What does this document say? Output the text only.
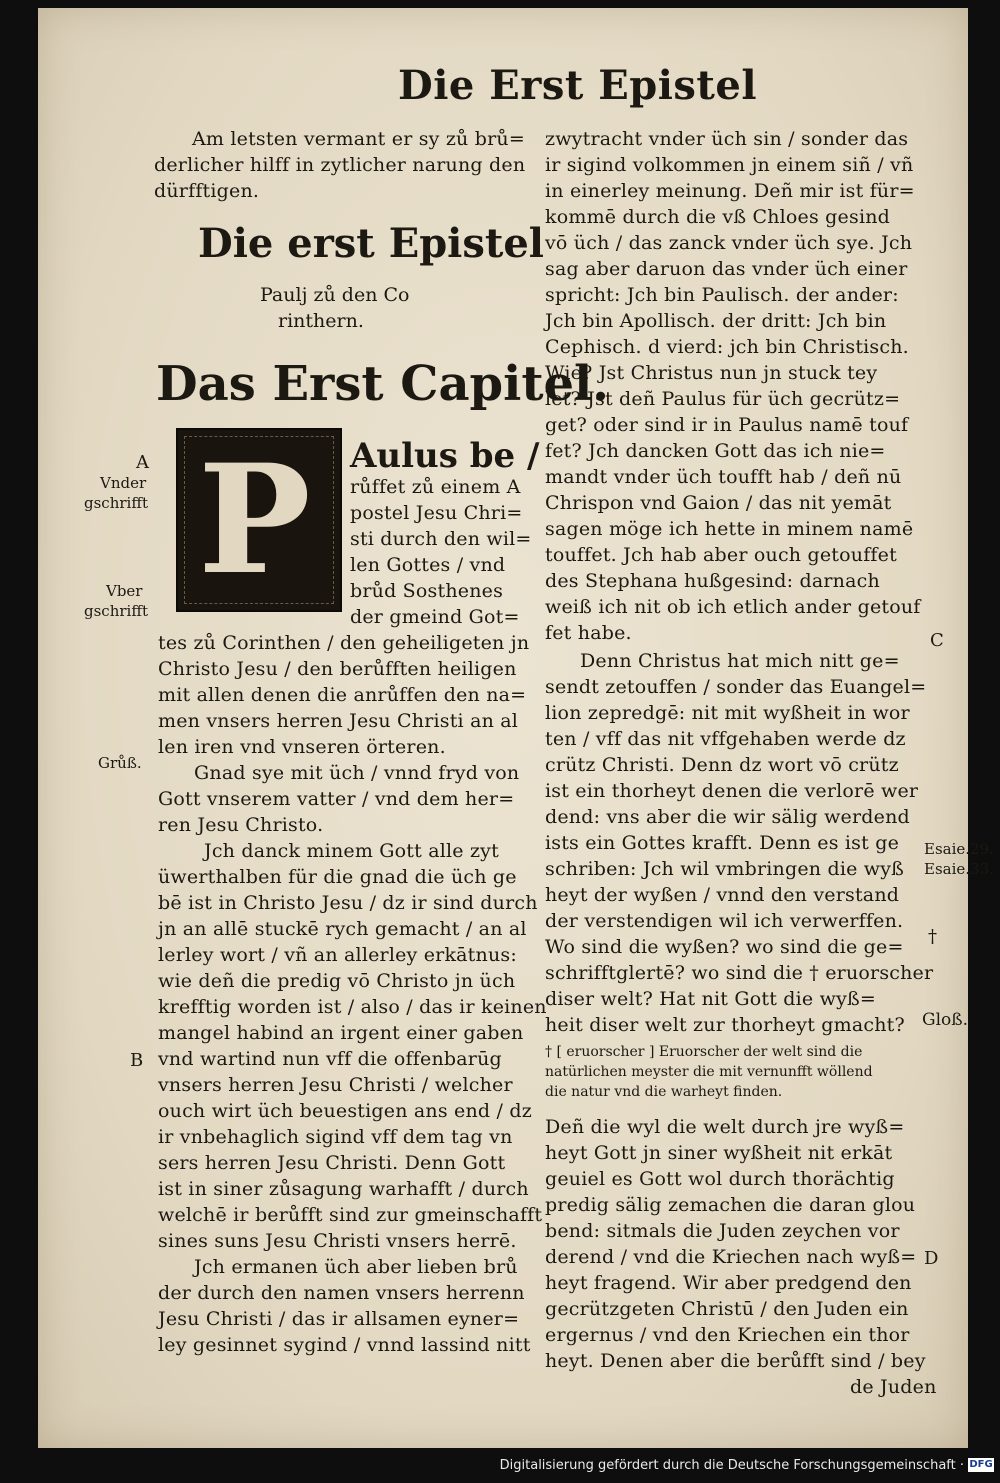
Die Erst Epistel
Am letsten vermant er sy zů brů=
derlicher hilff in zytlicher narung den
dürfftigen.
Die erst Epistel
Paulj zů den Co
rinthern.
Das Erst Capitel.
P Aulus be /
růffet zů einem A
postel Jesu Chri=
sti durch den wil=
len Gottes / vnd
brůd Sosthenes
der gmeind Got=
tes zů Corinthen / den geheiligeten jn
Christo Jesu / den berůfften heiligen
mit allen denen die anrůffen den na=
men vnsers herren Jesu Christi an al
len iren vnd vnseren örteren.
Gnad sye mit üch / vnnd fryd von
Gott vnserem vatter / vnd dem her=
ren Jesu Christo.
Jch danck minem Gott alle zyt
üwerthalben für die gnad die üch ge
bē ist in Christo Jesu / dz ir sind durch
jn an allē stuckē rych gemacht / an al
lerley wort / vñ an allerley erkātnus:
wie deñ die predig vō Christo jn üch
krefftig worden ist / also / das ir keinen
mangel habind an irgent einer gaben
vnd wartind nun vff die offenbarūg
vnsers herren Jesu Christi / welcher
ouch wirt üch beuestigen ans end / dz
ir vnbehaglich sigind vff dem tag vn
sers herren Jesu Christi. Denn Gott
ist in siner zůsagung warhafft / durch
welchē ir berůfft sind zur gmeinschafft
sines suns Jesu Christi vnsers herrē.
Jch ermanen üch aber lieben brů
der durch den namen vnsers herrenn
Jesu Christi / das ir allsamen eyner=
ley gesinnet sygind / vnnd lassind nitt
A
Vnder
gschrifft
Vber
gschrifft
Grůß.
B
zwytracht vnder üch sin / sonder das
ir sigind volkommen jn einem siñ / vñ
in einerley meinung. Deñ mir ist für=
kommē durch die vß Chloes gesind
vō üch / das zanck vnder üch sye. Jch
sag aber daruon das vnder üch einer
spricht: Jch bin Paulisch. der ander:
Jch bin Apollisch. der dritt: Jch bin
Cephisch. d vierd: jch bin Christisch.
Wie? Jst Christus nun jn stuck tey
let? Jst deñ Paulus für üch gecrütz=
get? oder sind ir in Paulus namē touf
fet? Jch dancken Gott das ich nie=
mandt vnder üch toufft hab / deñ nū
Chrispon vnd Gaion / das nit yemāt
sagen möge ich hette in minem namē
touffet. Jch hab aber ouch getouffet
des Stephana hußgesind: darnach
weiß ich nit ob ich etlich ander getouf
fet habe.
Denn Christus hat mich nitt ge=
sendt zetouffen / sonder das Euangel=
lion zepredgē: nit mit wyßheit in wor
ten / vff das nit vffgehaben werde dz
crütz Christi. Denn dz wort vō crütz
ist ein thorheyt denen die verlorē wer
dend: vns aber die wir sälig werdend
ists ein Gottes krafft. Denn es ist ge
schriben: Jch wil vmbringen die wyß
heyt der wyßen / vnnd den verstand
der verstendigen wil ich verwerffen.
Wo sind die wyßen? wo sind die ge=
schrifftglertē? wo sind die † eruorscher
diser welt? Hat nit Gott die wyß=
heit diser welt zur thorheyt gmacht?
† [ eruorscher ] Eruorscher der welt sind die
natürlichen meyster die mit vernunfft wöllend
die natur vnd die warheyt finden.
Deñ die wyl die welt durch jre wyß=
heyt Gott jn siner wyßheit nit erkāt
geuiel es Gott wol durch thorächtig
predig sälig zemachen die daran glou
bend: sitmals die Juden zeychen vor
derend / vnd die Kriechen nach wyß=
heyt fragend. Wir aber predgend den
gecrützgeten Christū / den Juden ein
ergernus / vnd den Kriechen ein thor
heyt. Denen aber die berůfft sind / bey
de Juden
C
Esaie.29.
Esaie.33.
†
Gloß.
D
Digitalisierung gefördert durch die Deutsche Forschungsgemeinschaft · DFG
